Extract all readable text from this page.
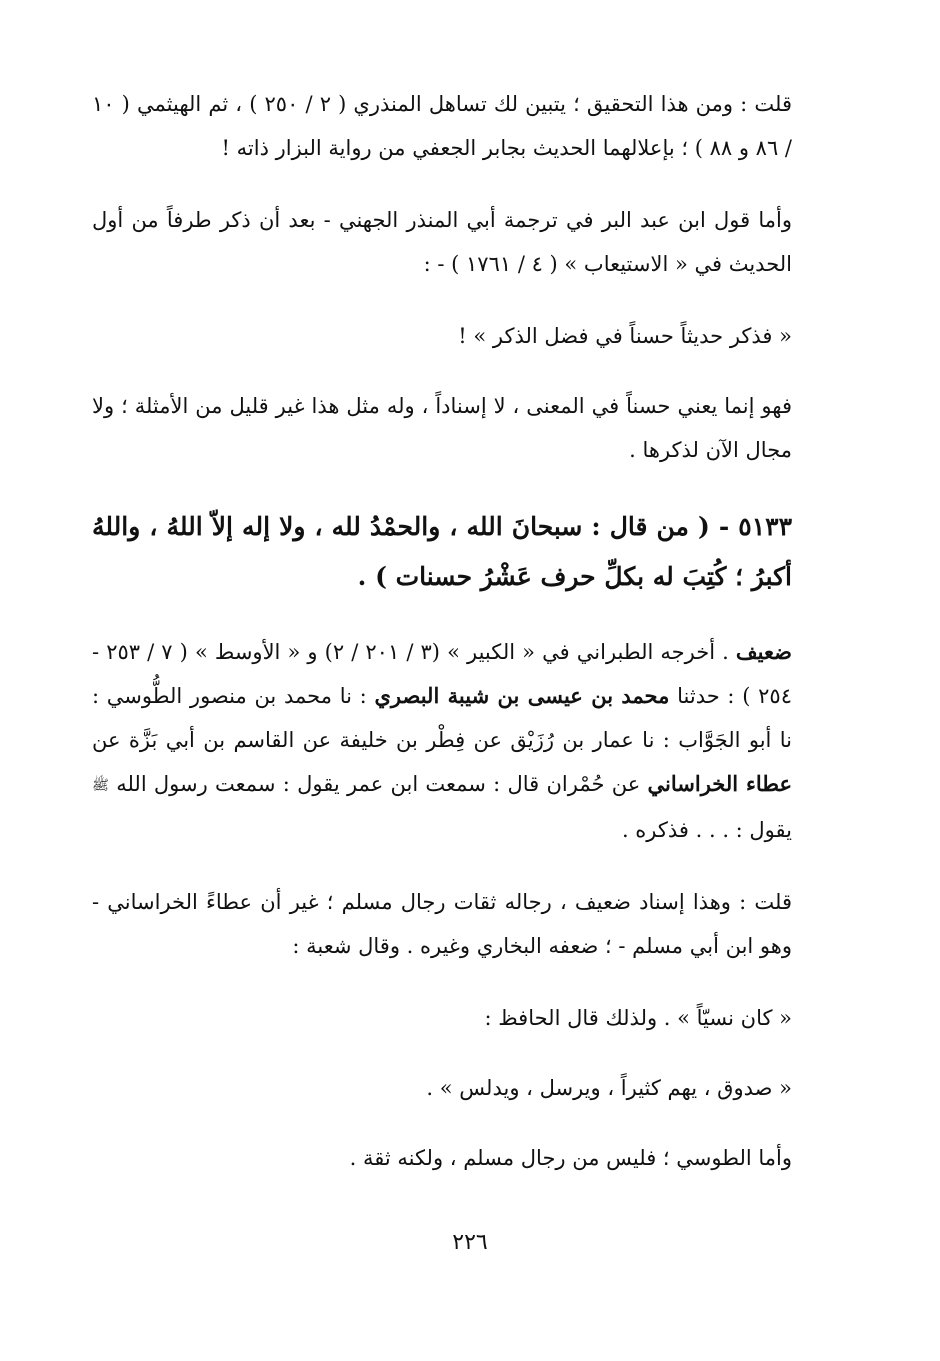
قلت : ومن هذا التحقيق ؛ يتبين لك تساهل المنذري ( ٢ / ٢٥٠ ) ، ثم الهيثمي ( ١٠ / ٨٦ و ٨٨ ) ؛ بإعلالهما الحديث بجابر الجعفي من رواية البزار ذاته !

وأما قول ابن عبد البر في ترجمة أبي المنذر الجهني - بعد أن ذكر طرفاً من أول الحديث في « الاستيعاب » ( ٤ / ١٧٦١ ) - :

« فذكر حديثاً حسناً في فضل الذكر » !

فهو إنما يعني حسناً في المعنى ، لا إسناداً ، وله مثل هذا غير قليل من الأمثلة ؛ ولا مجال الآن لذكرها .

٥١٣٣ - ( من قال : سبحانَ الله ، والحمْدُ لله ، ولا إله إلاّ اللهُ ، واللهُ أكبرُ ؛ كُتِبَ له بكلِّ حرف عَشْرُ حسنات ) .

ضعيف . أخرجه الطبراني في « الكبير » (٣ / ٢٠١ / ٢) و « الأوسط » ( ٧ / ٢٥٣ - ٢٥٤ ) : حدثنا محمد بن عيسى بن شيبة البصري : نا محمد بن منصور الطُّوسي : نا أبو الجَوَّاب : نا عمار بن رُزَيْق عن فِطْر بن خليفة عن القاسم بن أبي بَزَّة عن عطاء الخراساني عن حُمْران قال : سمعت ابن عمر يقول : سمعت رسول الله ﷺ يقول : . . . فذكره .

قلت : وهذا إسناد ضعيف ، رجاله ثقات رجال مسلم ؛ غير أن عطاءً الخراساني - وهو ابن أبي مسلم - ؛ ضعفه البخاري وغيره . وقال شعبة :

« كان نسيّاً » . ولذلك قال الحافظ :

« صدوق ، يهم كثيراً ، ويرسل ، ويدلس » .

وأما الطوسي ؛ فليس من رجال مسلم ، ولكنه ثقة .

٢٢٦
